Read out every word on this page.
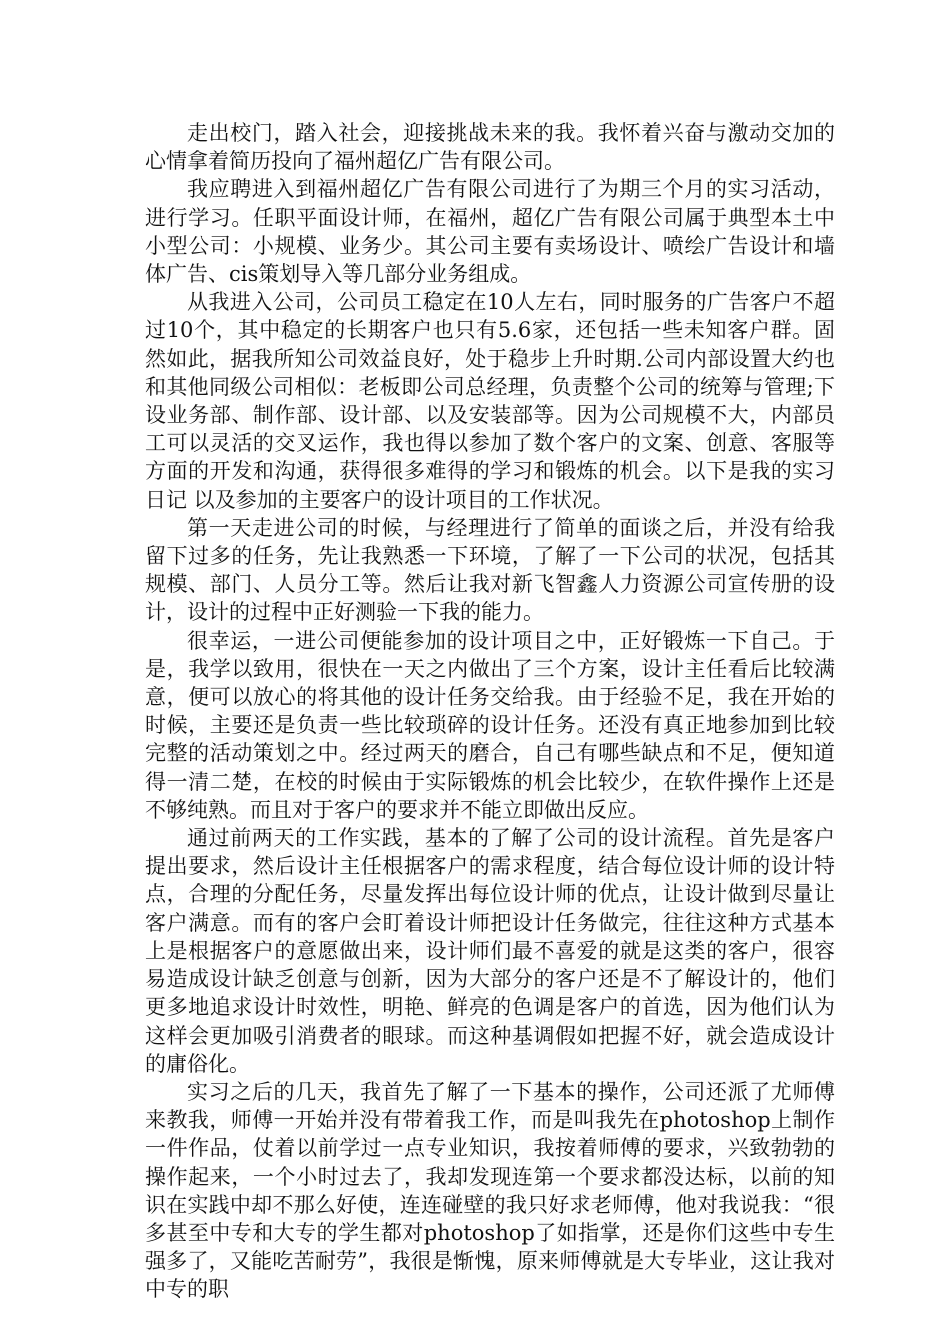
走出校门，踏入社会，迎接挑战未来的我。我怀着兴奋与激动交加的心情拿着简历投向了福州超亿广告有限公司。

我应聘进入到福州超亿广告有限公司进行了为期三个月的实习活动，进行学习。任职平面设计师，在福州，超亿广告有限公司属于典型本土中小型公司：小规模、业务少。其公司主要有卖场设计、喷绘广告设计和墙体广告、cis策划导入等几部分业务组成。

从我进入公司，公司员工稳定在10人左右，同时服务的广告客户不超过10个，其中稳定的长期客户也只有5.6家，还包括一些未知客户群。固然如此，据我所知公司效益良好，处于稳步上升时期.公司内部设置大约也和其他同级公司相似：老板即公司总经理，负责整个公司的统筹与管理;下设业务部、制作部、设计部、以及安装部等。因为公司规模不大，内部员工可以灵活的交叉运作，我也得以参加了数个客户的文案、创意、客服等方面的开发和沟通，获得很多难得的学习和锻炼的机会。以下是我的实习日记 以及参加的主要客户的设计项目的工作状况。

第一天走进公司的时候，与经理进行了简单的面谈之后，并没有给我留下过多的任务，先让我熟悉一下环境，了解了一下公司的状况，包括其规模、部门、人员分工等。然后让我对新飞智鑫人力资源公司宣传册的设计，设计的过程中正好测验一下我的能力。

很幸运，一进公司便能参加的设计项目之中，正好锻炼一下自己。于是，我学以致用，很快在一天之内做出了三个方案，设计主任看后比较满意，便可以放心的将其他的设计任务交给我。由于经验不足，我在开始的时候，主要还是负责一些比较琐碎的设计任务。还没有真正地参加到比较完整的活动策划之中。经过两天的磨合，自己有哪些缺点和不足，便知道得一清二楚，在校的时候由于实际锻炼的机会比较少，在软件操作上还是不够纯熟。而且对于客户的要求并不能立即做出反应。

通过前两天的工作实践，基本的了解了公司的设计流程。首先是客户提出要求，然后设计主任根据客户的需求程度，结合每位设计师的设计特点，合理的分配任务，尽量发挥出每位设计师的优点，让设计做到尽量让客户满意。而有的客户会盯着设计师把设计任务做完，往往这种方式基本上是根据客户的意愿做出来，设计师们最不喜爱的就是这类的客户，很容易造成设计缺乏创意与创新，因为大部分的客户还是不了解设计的，他们更多地追求设计时效性，明艳、鲜亮的色调是客户的首选，因为他们认为这样会更加吸引消费者的眼球。而这种基调假如把握不好，就会造成设计的庸俗化。

实习之后的几天，我首先了解了一下基本的操作，公司还派了尤师傅来教我，师傅一开始并没有带着我工作，而是叫我先在photoshop上制作一件作品，仗着以前学过一点专业知识，我按着师傅的要求，兴致勃勃的操作起来，一个小时过去了，我却发现连第一个要求都没达标，以前的知识在实践中却不那么好使，连连碰壁的我只好求老师傅，他对我说我：“很多甚至中专和大专的学生都对photoshop了如指掌，还是你们这些中专生强多了，又能吃苦耐劳”，我很是惭愧，原来师傅就是大专毕业，这让我对中专的职
